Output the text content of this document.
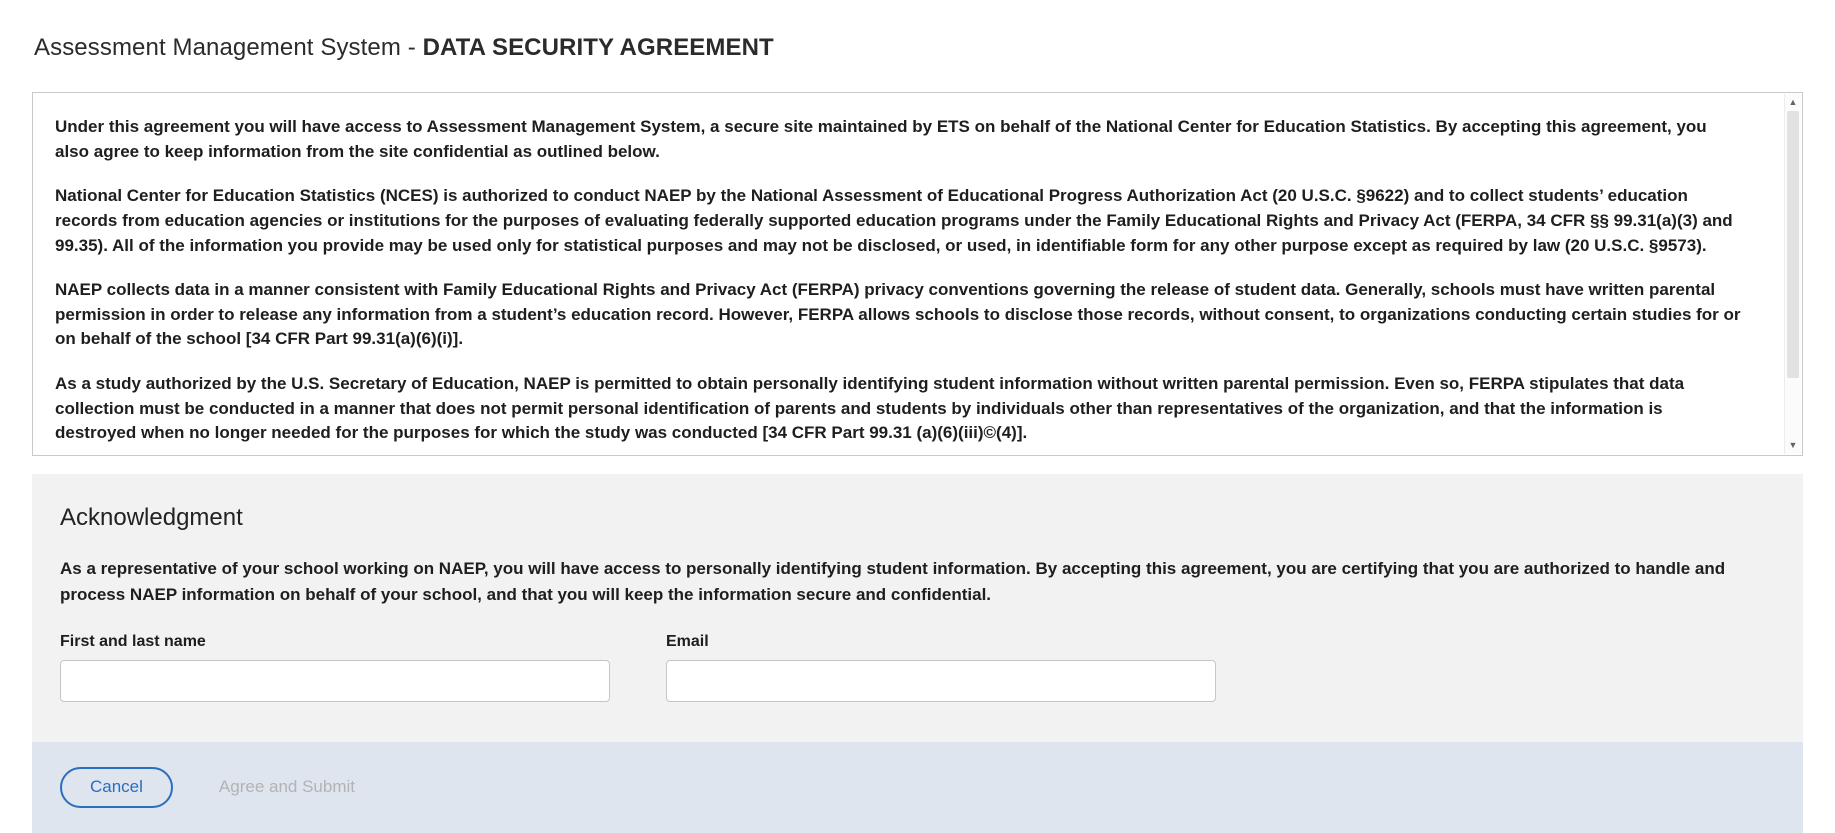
Assessment Management System - DATA SECURITY AGREEMENT

Under this agreement you will have access to Assessment Management System, a secure site maintained by ETS on behalf of the National Center for Education Statistics. By accepting this agreement, you also agree to keep information from the site confidential as outlined below.

National Center for Education Statistics (NCES) is authorized to conduct NAEP by the National Assessment of Educational Progress Authorization Act (20 U.S.C. §9622) and to collect students’ education records from education agencies or institutions for the purposes of evaluating federally supported education programs under the Family Educational Rights and Privacy Act (FERPA, 34 CFR §§ 99.31(a)(3) and 99.35). All of the information you provide may be used only for statistical purposes and may not be disclosed, or used, in identifiable form for any other purpose except as required by law (20 U.S.C. §9573).

NAEP collects data in a manner consistent with Family Educational Rights and Privacy Act (FERPA) privacy conventions governing the release of student data. Generally, schools must have written parental permission in order to release any information from a student’s education record. However, FERPA allows schools to disclose those records, without consent, to organizations conducting certain studies for or on behalf of the school [34 CFR Part 99.31(a)(6)(i)].

As a study authorized by the U.S. Secretary of Education, NAEP is permitted to obtain personally identifying student information without written parental permission. Even so, FERPA stipulates that data collection must be conducted in a manner that does not permit personal identification of parents and students by individuals other than representatives of the organization, and that the information is destroyed when no longer needed for the purposes for which the study was conducted [34 CFR Part 99.31 (a)(6)(iii)©(4)].

▲
▼
Acknowledgment

As a representative of your school working on NAEP, you will have access to personally identifying student information. By accepting this agreement, you are certifying that you are authorized to handle and process NAEP information on behalf of your school, and that you will keep the information secure and confidential.

First and last name	Email
Cancel	Agree and Submit
